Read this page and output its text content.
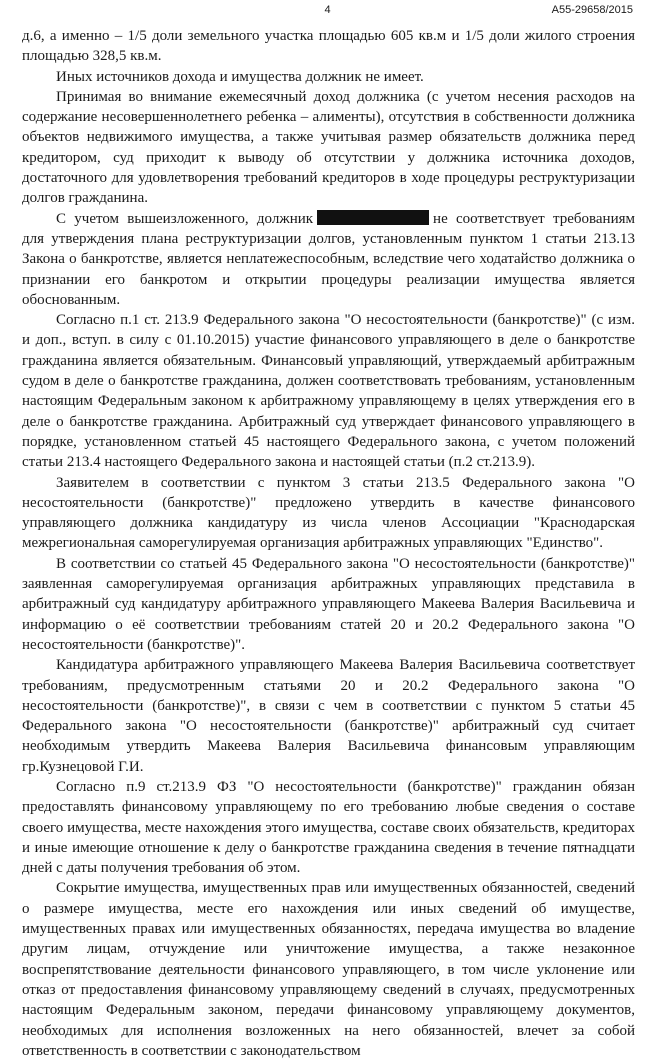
4	А55-29658/2015

д.6, а именно – 1/5 доли земельного участка площадью 605 кв.м и 1/5 доли жилого строения площадью 328,5 кв.м.

Иных источников дохода и имущества должник не имеет.

Принимая во внимание ежемесячный доход должника (с учетом несения расходов на содержание несовершеннолетнего ребенка – алименты), отсутствия в собственности должника объектов недвижимого имущества, а также учитывая размер обязательств должника перед кредитором, суд приходит к выводу об отсутствии у должника источника доходов, достаточного для удовлетворения требований кредиторов в ходе процедуры реструктуризации долгов гражданина.

С учетом вышеизложенного, должник	не соответствует требованиям для утверждения плана реструктуризации долгов, установленным пунктом 1 статьи 213.13 Закона о банкротстве, является неплатежеспособным, вследствие чего ходатайство должника о признании его банкротом и открытии процедуры реализации имущества является обоснованным.

Согласно п.1 ст. 213.9 Федерального закона "О несостоятельности (банкротстве)" (с изм. и доп., вступ. в силу с 01.10.2015) участие финансового управляющего в деле о банкротстве гражданина является обязательным. Финансовый управляющий, утверждаемый арбитражным судом в деле о банкротстве гражданина, должен соответствовать требованиям, установленным настоящим Федеральным законом к арбитражному управляющему в целях утверждения его в деле о банкротстве гражданина. Арбитражный суд утверждает финансового управляющего в порядке, установленном статьей 45 настоящего Федерального закона, с учетом положений статьи 213.4 настоящего Федерального закона и настоящей статьи (п.2 ст.213.9).

Заявителем в соответствии с пунктом 3 статьи 213.5 Федерального закона "О несостоятельности (банкротстве)" предложено утвердить в качестве финансового управляющего должника кандидатуру из числа членов Ассоциации "Краснодарская межрегиональная саморегулируемая организация арбитражных управляющих "Единство".

В соответствии со статьей 45 Федерального закона "О несостоятельности (банкротстве)" заявленная саморегулируемая организация арбитражных управляющих представила в арбитражный суд кандидатуру арбитражного управляющего Макеева Валерия Васильевича и информацию о её соответствии требованиям статей 20 и 20.2 Федерального закона "О несостоятельности (банкротстве)".

Кандидатура арбитражного управляющего Макеева Валерия Васильевича соответствует требованиям, предусмотренным статьями 20 и 20.2 Федерального закона "О несостоятельности (банкротстве)", в связи с чем в соответствии с пунктом 5 статьи 45 Федерального закона "О несостоятельности (банкротстве)" арбитражный суд считает необходимым утвердить Макеева Валерия Васильевича финансовым управляющим гр.Кузнецовой Г.И.

Согласно п.9 ст.213.9 ФЗ "О несостоятельности (банкротстве)" гражданин обязан предоставлять финансовому управляющему по его требованию любые сведения о составе своего имущества, месте нахождения этого имущества, составе своих обязательств, кредиторах и иные имеющие отношение к делу о банкротстве гражданина сведения в течение пятнадцати дней с даты получения требования об этом.

Сокрытие имущества, имущественных прав или имущественных обязанностей, сведений о размере имущества, месте его нахождения или иных сведений об имуществе, имущественных правах или имущественных обязанностях, передача имущества во владение другим лицам, отчуждение или уничтожение имущества, а также незаконное воспрепятствование деятельности финансового управляющего, в том числе уклонение или отказ от предоставления финансовому управляющему сведений в случаях, предусмотренных настоящим Федеральным законом, передачи финансовому управляющему документов, необходимых для исполнения возложенных на него обязанностей, влечет за собой ответственность в соответствии с законодательством
